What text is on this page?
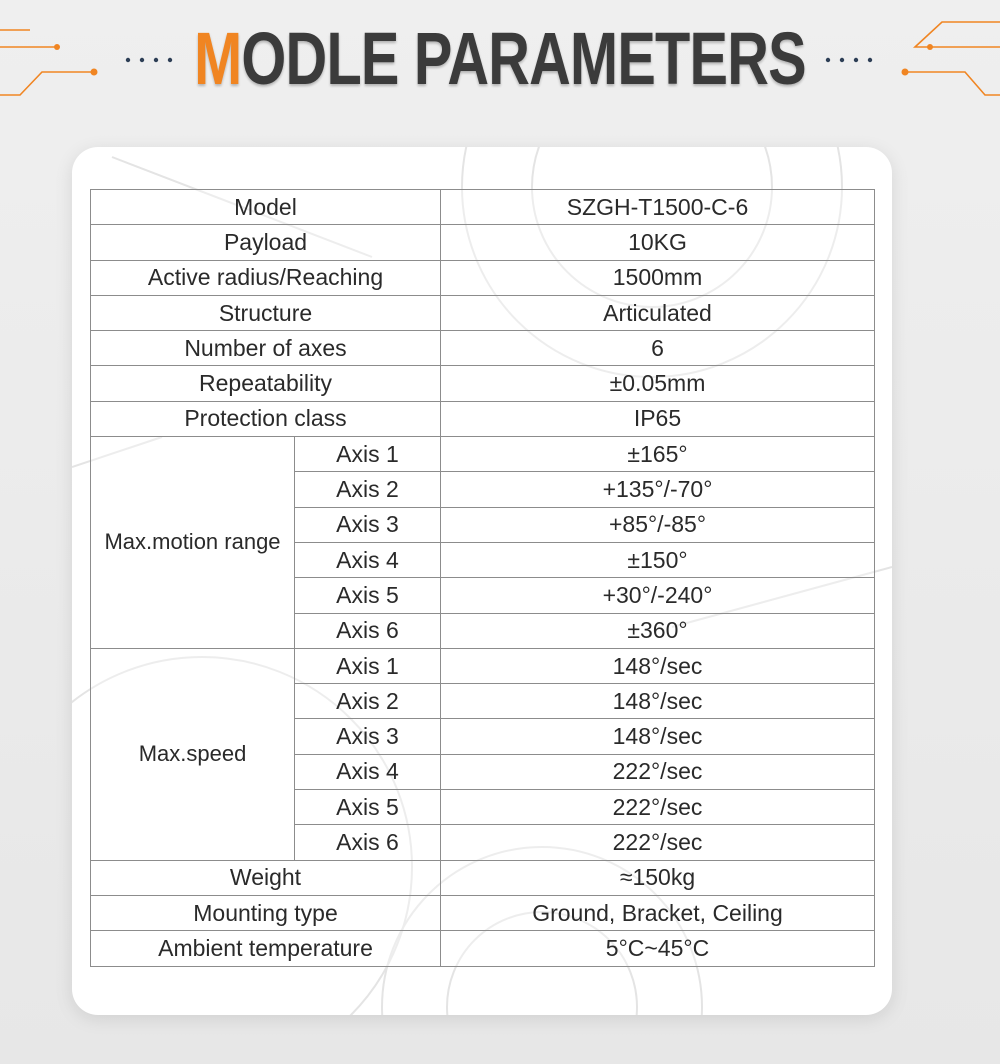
MODLE PARAMETERS
Model		SZGH-T1500-C-6
Payload		10KG
Active radius/Reaching		1500mm
Structure		Articulated
Number of axes		6
Repeatability		±0.05mm
Protection class		IP65
Max.motion range	Axis 1	±165°
	Axis 2	+135°/-70°
	Axis 3	+85°/-85°
	Axis 4	±150°
	Axis 5	+30°/-240°
	Axis 6	±360°
Max.speed	Axis 1	148°/sec
	Axis 2	148°/sec
	Axis 3	148°/sec
	Axis 4	222°/sec
	Axis 5	222°/sec
	Axis 6	222°/sec
Weight		≈150kg
Mounting type		Ground, Bracket, Ceiling
Ambient temperature		5°C~45°C
